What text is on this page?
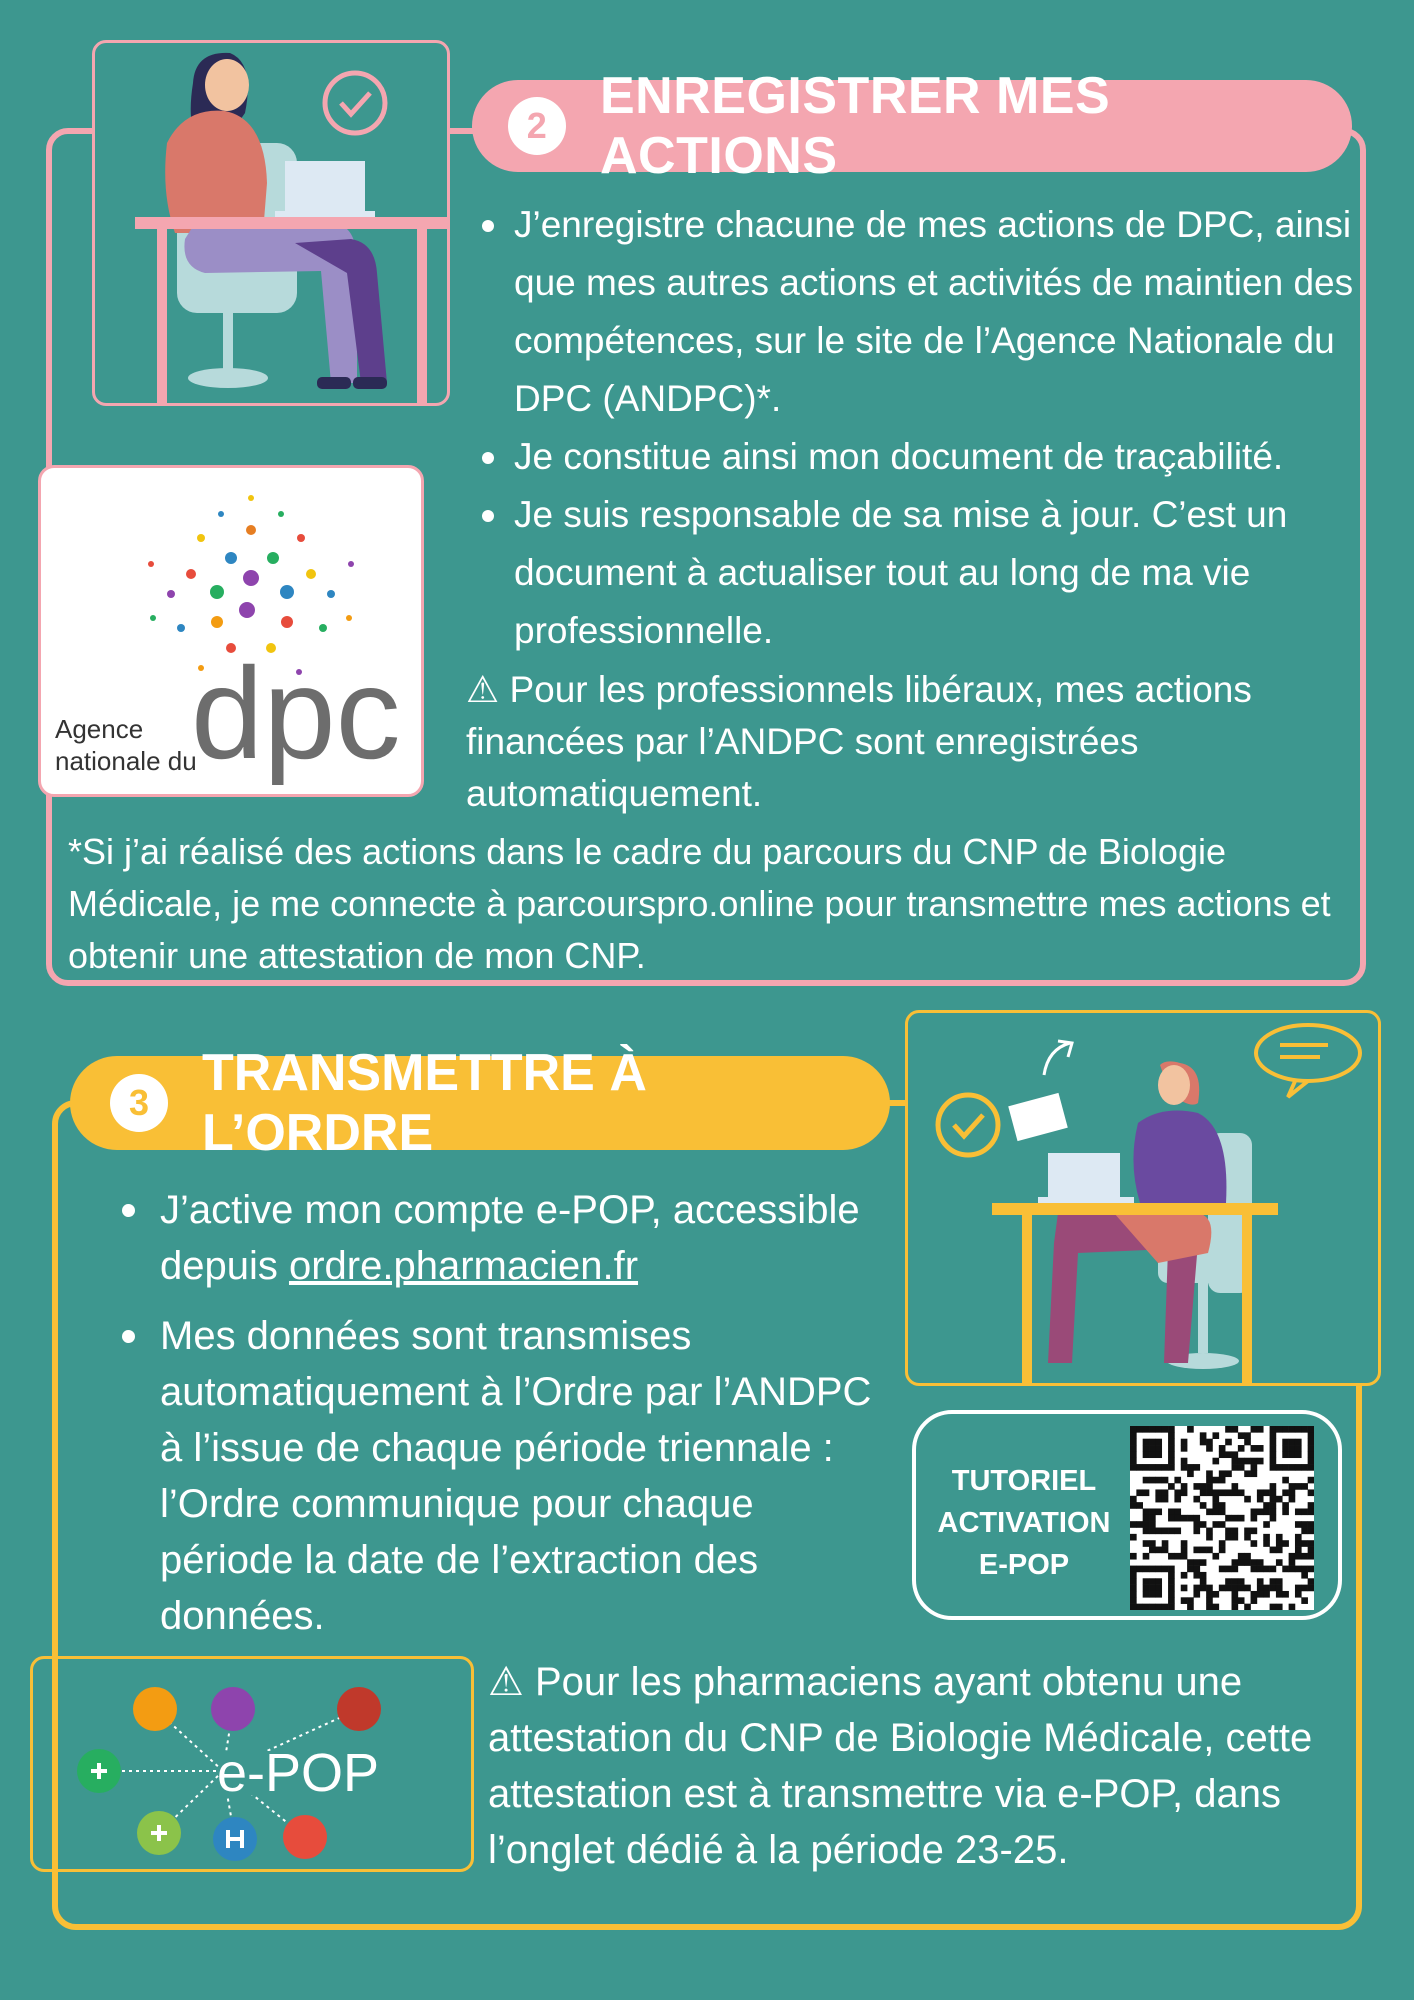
2
ENREGISTRER MES ACTIONS
J’enregistre chacune de mes actions de DPC, ainsi que mes autres actions et activités de maintien des compétences, sur le site de l’Agence Nationale du DPC (ANDPC)*.
Je constitue ainsi mon document de traçabilité.
Je suis responsable de sa mise à jour. C’est un document à actualiser tout au long de ma vie professionnelle.
Agence
nationale du
dpc ⚠ Pour les professionnels libéraux, mes actions financées par l’ANDPC sont enregistrées automatiquement.
*Si j’ai réalisé des actions dans le cadre du parcours du CNP de Biologie Médicale, je me connecte à parcourspro.online pour transmettre mes actions et obtenir une attestation de mon CNP.
3
TRANSMETTRE À L’ORDRE
J’active mon compte e-POP, accessible depuis ordre.pharmacien.fr
Mes données sont transmises automatiquement à l’Ordre par l’ANDPC à l’issue de chaque période triennale : l’Ordre communique pour chaque période la date de l’extraction des données.
TUTORIEL
ACTIVATION
E-POP
e-POP
⚠ Pour les pharmaciens ayant obtenu une attestation du CNP de Biologie Médicale, cette attestation est à transmettre via e-POP, dans l’onglet dédié à la période 23-25.
